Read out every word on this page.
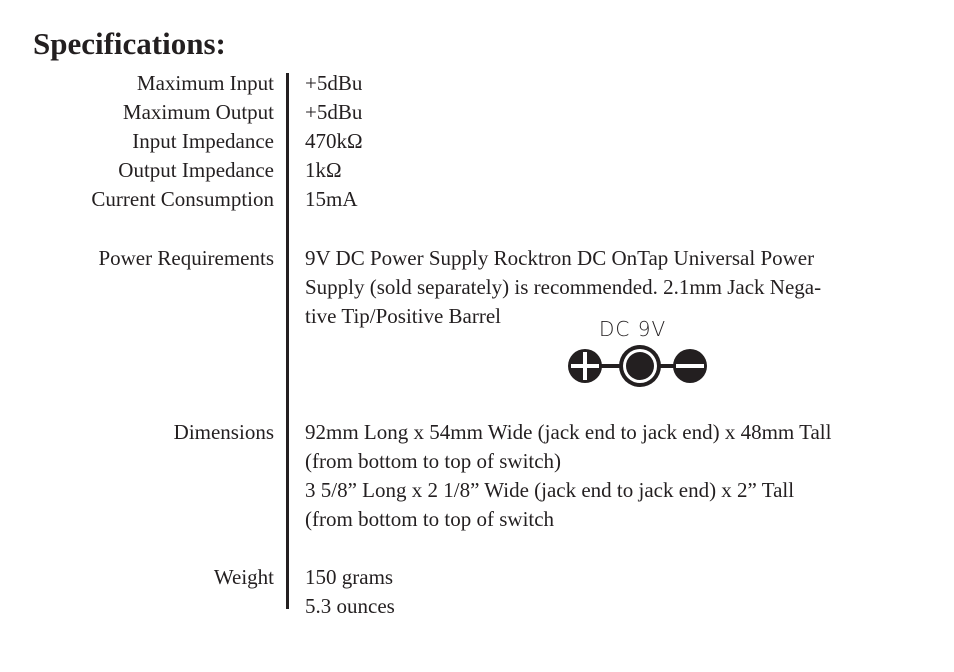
Specifications:
Maximum Input
Maximum Output
Input Impedance
Output Impedance
Current Consumption
Power Requirements
Dimensions
Weight
+5dBu
+5dBu
470kΩ
1kΩ
15mA
9V DC Power Supply Rocktron DC OnTap Universal Power
Supply (sold separately) is recommended. 2.1mm Jack Nega-
tive Tip/Positive Barrel
92mm Long x 54mm Wide (jack end to jack end) x 48mm Tall
(from bottom to top of switch)
3 5/8” Long x 2 1/8” Wide (jack end to jack end) x 2” Tall
(from bottom to top of switch
150 grams
5.3 ounces
DC 9V
